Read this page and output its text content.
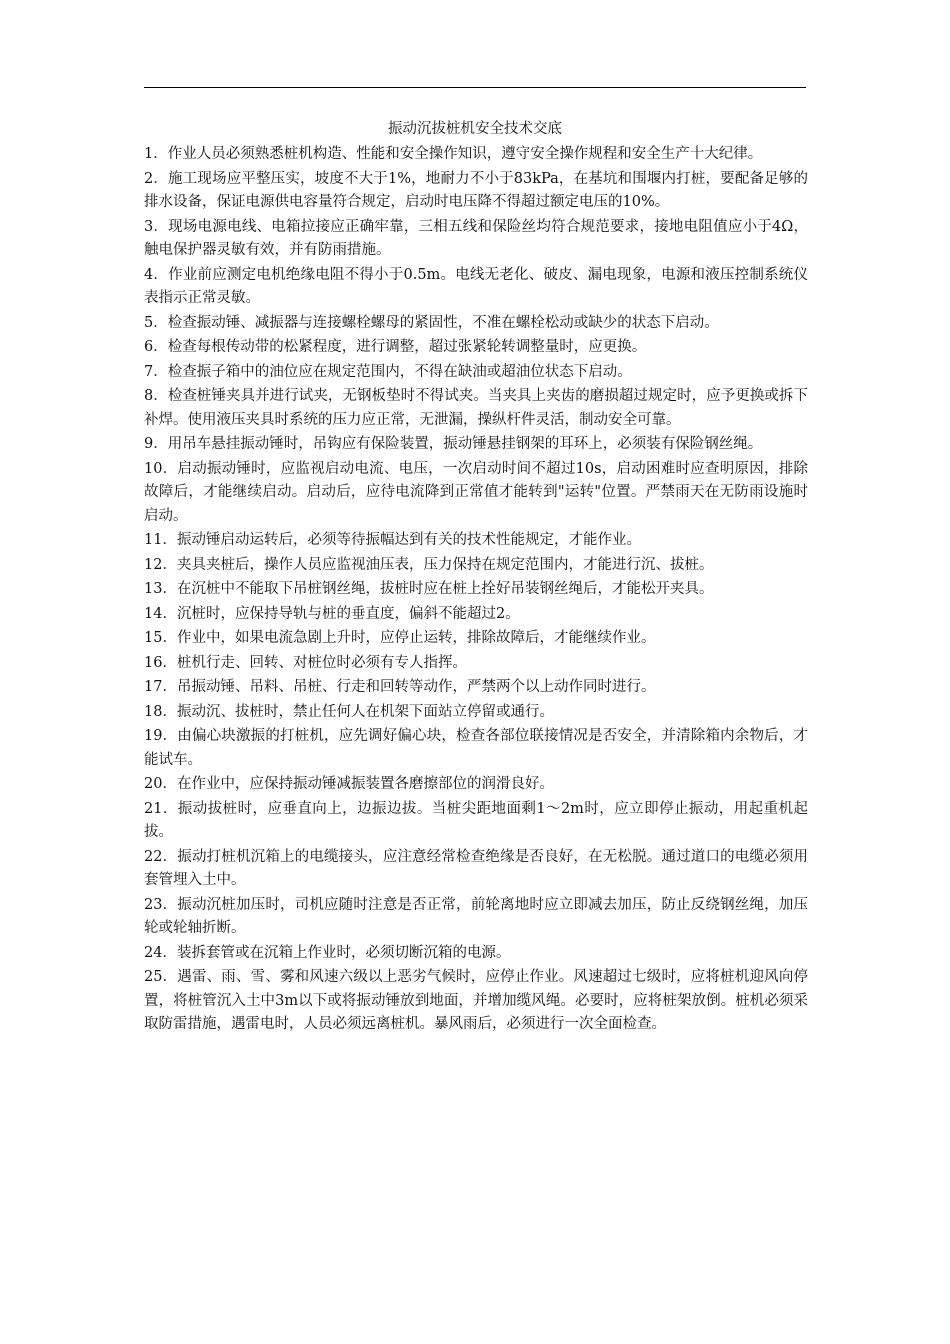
振动沉拔桩机安全技术交底
1．作业人员必须熟悉桩机构造、性能和安全操作知识，遵守安全操作规程和安全生产十大纪律。
2．施工现场应平整压实，坡度不大于1%，地耐力不小于83kPa，在基坑和围堰内打桩，要配备足够的排水设备，保证电源供电容量符合规定，启动时电压降不得超过额定电压的10%。
3．现场电源电线、电箱拉接应正确牢靠，三相五线和保险丝均符合规范要求，接地电阻值应小于4Ω，触电保护器灵敏有效，并有防雨措施。
4．作业前应测定电机绝缘电阻不得小于0.5m。电线无老化、破皮、漏电现象，电源和液压控制系统仪表指示正常灵敏。
5．检查振动锤、减振器与连接螺栓螺母的紧固性，不准在螺栓松动或缺少的状态下启动。
6．检查每根传动带的松紧程度，进行调整，超过张紧轮转调整量时，应更换。
7．检查振子箱中的油位应在规定范围内，不得在缺油或超油位状态下启动。
8．检查桩锤夹具并进行试夹，无钢板垫时不得试夹。当夹具上夹齿的磨损超过规定时，应予更换或拆下补焊。使用液压夹具时系统的压力应正常，无泄漏，操纵杆件灵活，制动安全可靠。
9．用吊车悬挂振动锤时，吊钩应有保险装置，振动锤悬挂钢架的耳环上，必须装有保险钢丝绳。
10．启动振动锤时，应监视启动电流、电压，一次启动时间不超过10s，启动困难时应查明原因，排除故障后，才能继续启动。启动后，应待电流降到正常值才能转到"运转"位置。严禁雨天在无防雨设施时启动。
11．振动锤启动运转后，必须等待振幅达到有关的技术性能规定，才能作业。
12．夹具夹桩后，操作人员应监视油压表，压力保持在规定范围内，才能进行沉、拔桩。
13．在沉桩中不能取下吊桩钢丝绳，拔桩时应在桩上拴好吊装钢丝绳后，才能松开夹具。
14．沉桩时，应保持导轨与桩的垂直度，偏斜不能超过2。
15．作业中，如果电流急剧上升时，应停止运转，排除故障后，才能继续作业。
16．桩机行走、回转、对桩位时必须有专人指挥。
17．吊振动锤、吊料、吊桩、行走和回转等动作，严禁两个以上动作同时进行。
18．振动沉、拔桩时，禁止任何人在机架下面站立停留或通行。
19．由偏心块激振的打桩机，应先调好偏心块，检查各部位联接情况是否安全，并清除箱内余物后，才能试车。
20．在作业中，应保持振动锤减振装置各磨擦部位的润滑良好。
21．振动拔桩时，应垂直向上，边振边拔。当桩尖距地面剩1～2m时，应立即停止振动，用起重机起拔。
22．振动打桩机沉箱上的电缆接头，应注意经常检查绝缘是否良好，在无松脱。通过道口的电缆必须用套管埋入土中。
23．振动沉桩加压时，司机应随时注意是否正常，前轮离地时应立即减去加压，防止反绕钢丝绳，加压轮或轮轴折断。
24．装拆套管或在沉箱上作业时，必须切断沉箱的电源。
25．遇雷、雨、雪、雾和风速六级以上恶劣气候时，应停止作业。风速超过七级时，应将桩机迎风向停置，将桩管沉入土中3m以下或将振动锤放到地面，并增加缆风绳。必要时，应将桩架放倒。桩机必须采取防雷措施，遇雷电时，人员必须远离桩机。暴风雨后，必须进行一次全面检查。
